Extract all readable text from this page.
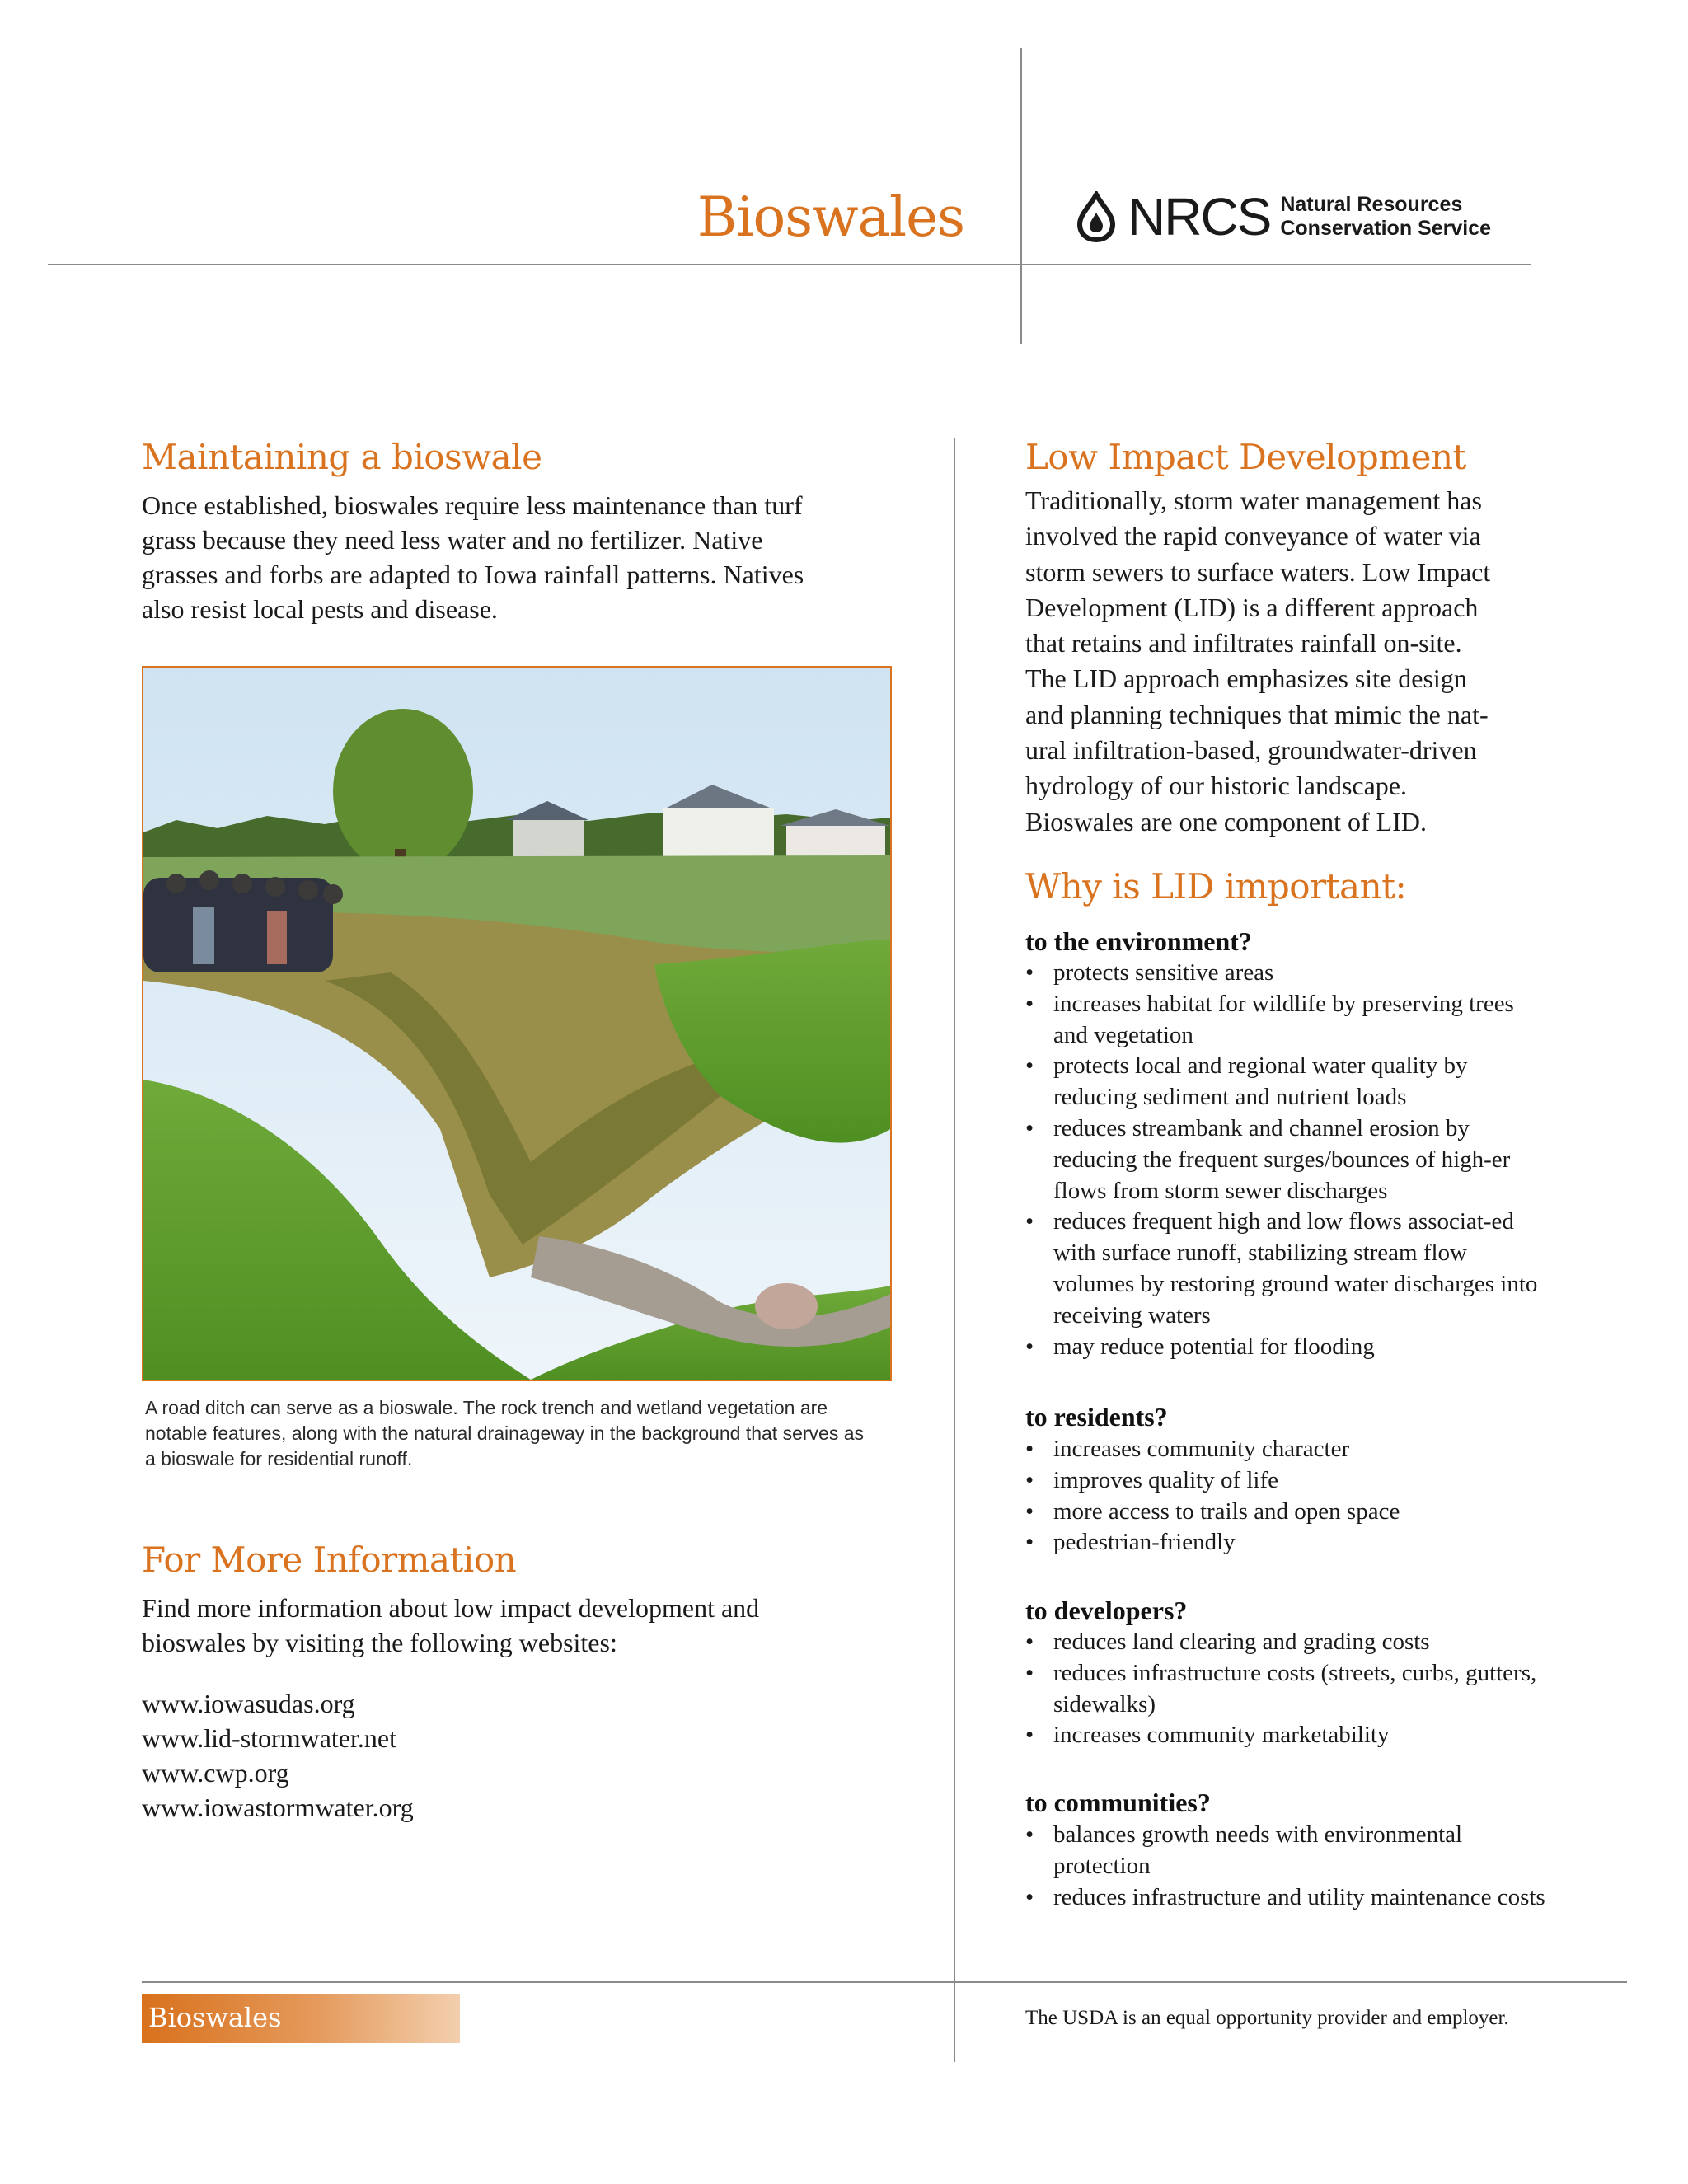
Bioswales	NRCS Natural Resources
Conservation Service
Maintaining a bioswale
Once established, bioswales require less maintenance than turf
grass because they need less water and no fertilizer. Native
grasses and forbs are adapted to Iowa rainfall patterns. Natives
also resist local pests and disease.
A road ditch can serve as a bioswale. The rock trench and wetland vegetation are
notable features, along with the natural drainageway in the background that serves as
a bioswale for residential runoff.
For More Information
Find more information about low impact development and
bioswales by visiting the following websites:
www.iowasudas.org
www.lid-stormwater.net
www.cwp.org
www.iowastormwater.org
Low Impact Development
Traditionally, storm water management has
involved the rapid conveyance of water via
storm sewers to surface waters. Low Impact
Development (LID) is a different approach
that retains and infiltrates rainfall on-site.
The LID approach emphasizes site design
and planning techniques that mimic the nat-
ural infiltration-based, groundwater-driven
hydrology of our historic landscape.
Bioswales are one component of LID.
Why is LID important:
to the environment?
• protects sensitive areas
• increases habitat for wildlife by preserving trees and vegetation
• protects local and regional water quality by reducing sediment and nutrient loads
• reduces streambank and channel erosion by reducing the frequent surges/bounces of high-er flows from storm sewer discharges
• reduces frequent high and low flows associat-ed with surface runoff, stabilizing stream flow volumes by restoring ground water discharges into receiving waters
• may reduce potential for flooding
to residents?
• increases community character
• improves quality of life
• more access to trails and open space
• pedestrian-friendly
to developers?
• reduces land clearing and grading costs
• reduces infrastructure costs (streets, curbs, gutters, sidewalks)
• increases community marketability
to communities?
• balances growth needs with environmental protection
• reduces infrastructure and utility maintenance costs
Bioswales	The USDA is an equal opportunity provider and employer.
